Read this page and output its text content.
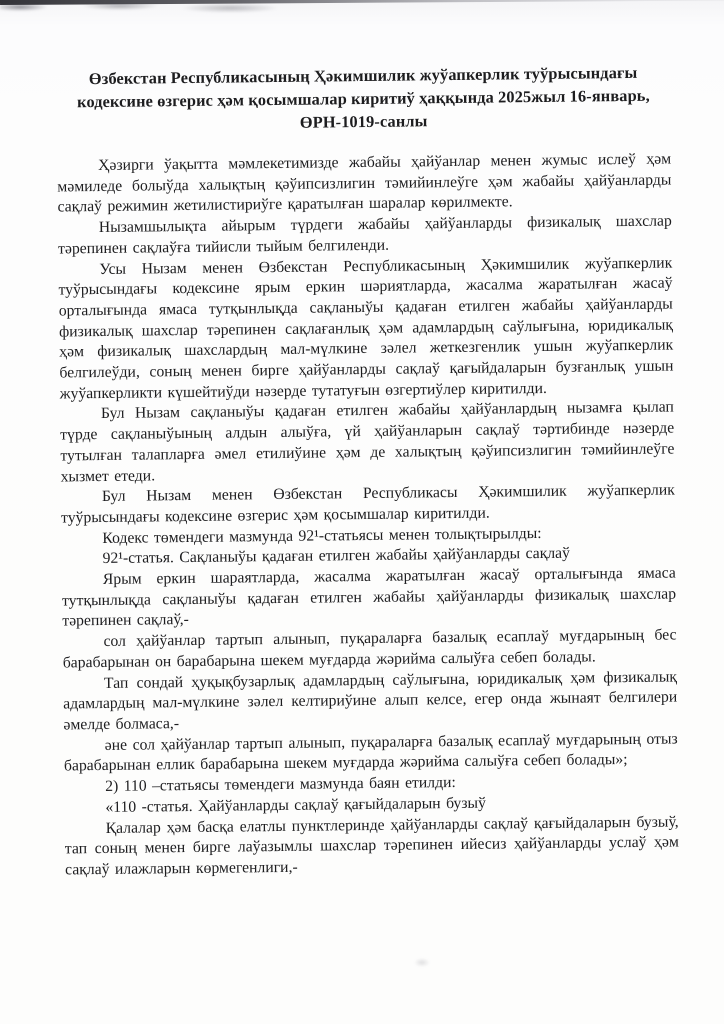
Өзбекстан Республикасының Ҳәкимшилик жуўапкерлик туўрысындағы
кодексине өзгерис ҳәм қосымшалар киритиў ҳаққында 2025жыл 16-январь,
ӨРН-1019-санлы

Ҳәзирги ўақытта мәмлекетимизде жабайы ҳайўанлар менен жумыс ислеў ҳәм мәмиледе болыўда халықтың қәўипсизлигин тәмийинлеўге ҳәм жабайы ҳайўанларды сақлаў режимин жетилистириўге қаратылған шаралар көрилмекте.

Нызамшылықта айырым түрдеги жабайы ҳайўанларды физикалық шахслар тәрепинен сақлаўға тийисли тыйым белгиленди.

Усы Нызам менен Өзбекстан Республикасының Ҳәкимшилик жуўапкерлик туўрысындағы кодексине ярым еркин шәриятларда, жасалма жаратылған жасаў орталығында ямаса тутқынлықда сақланыўы қадаған етилген жабайы ҳайўанларды физикалық шахслар тәрепинен сақлағанлық ҳәм адамлардың саўлығына, юридикалық ҳәм физикалық шахслардың мал-мүлкине зәлел жеткезгенлик ушын жуўапкерлик белгилеўди, соның менен бирге ҳайўанларды сақлаў қағыйдаларын бузғанлық ушын жуўапкерликти күшейтиўди нәзерде тутатуғын өзгертиўлер киритилди.

Бул Нызам сақланыўы қадаған етилген жабайы ҳайўанлардың нызамға қылап түрде сақланыўының алдын алыўға, үй ҳайўанларын сақлаў тәртибинде нәзерде тутылған талапларға әмел етилиўине ҳәм де халықтың қәўипсизлигин тәмийинлеўге хызмет етеди.

Бул Нызам менен Өзбекстан Республикасы Ҳәкимшилик жуўапкерлик туўрысындағы кодексине өзгерис ҳәм қосымшалар киритилди.

Кодекс төмендеги мазмунда 92¹-статьясы менен толықтырылды:

92¹-статья. Сақланыўы қадаған етилген жабайы ҳайўанларды сақлаў

Ярым еркин шараятларда, жасалма жаратылған жасаў орталығында ямаса тутқынлықда сақланыўы қадаған етилген жабайы ҳайўанларды физикалық шахслар тәрепинен сақлаў,-

сол ҳайўанлар тартып алынып, пуқараларға базалық есаплаў муғдарының бес барабарынан он барабарына шекем муғдарда жәрийма салыўға себеп болады.

Тап сондай ҳуқықбузарлық адамлардың саўлығына, юридикалық ҳәм физикалық адамлардың мал-мүлкине зәлел келтириўине алып келсе, егер онда жынаят белгилери әмелде болмаса,-

әне сол ҳайўанлар тартып алынып, пуқараларға базалық есаплаў муғдарының отыз барабарынан еллик барабарына шекем муғдарда жәрийма салыўға себеп болады»;

2) 110 –статьясы төмендеги мазмунда баян етилди:

«110 -статья. Ҳайўанларды сақлаў қағыйдаларын бузыў

Қалалар ҳәм басқа елатлы пунктлеринде ҳайўанларды сақлаў қағыйдаларын бузыў, тап соның менен бирге лаўазымлы шахслар тәрепинен ийесиз ҳайўанларды услаў ҳәм сақлаў илажларын көрмегенлиги,-
